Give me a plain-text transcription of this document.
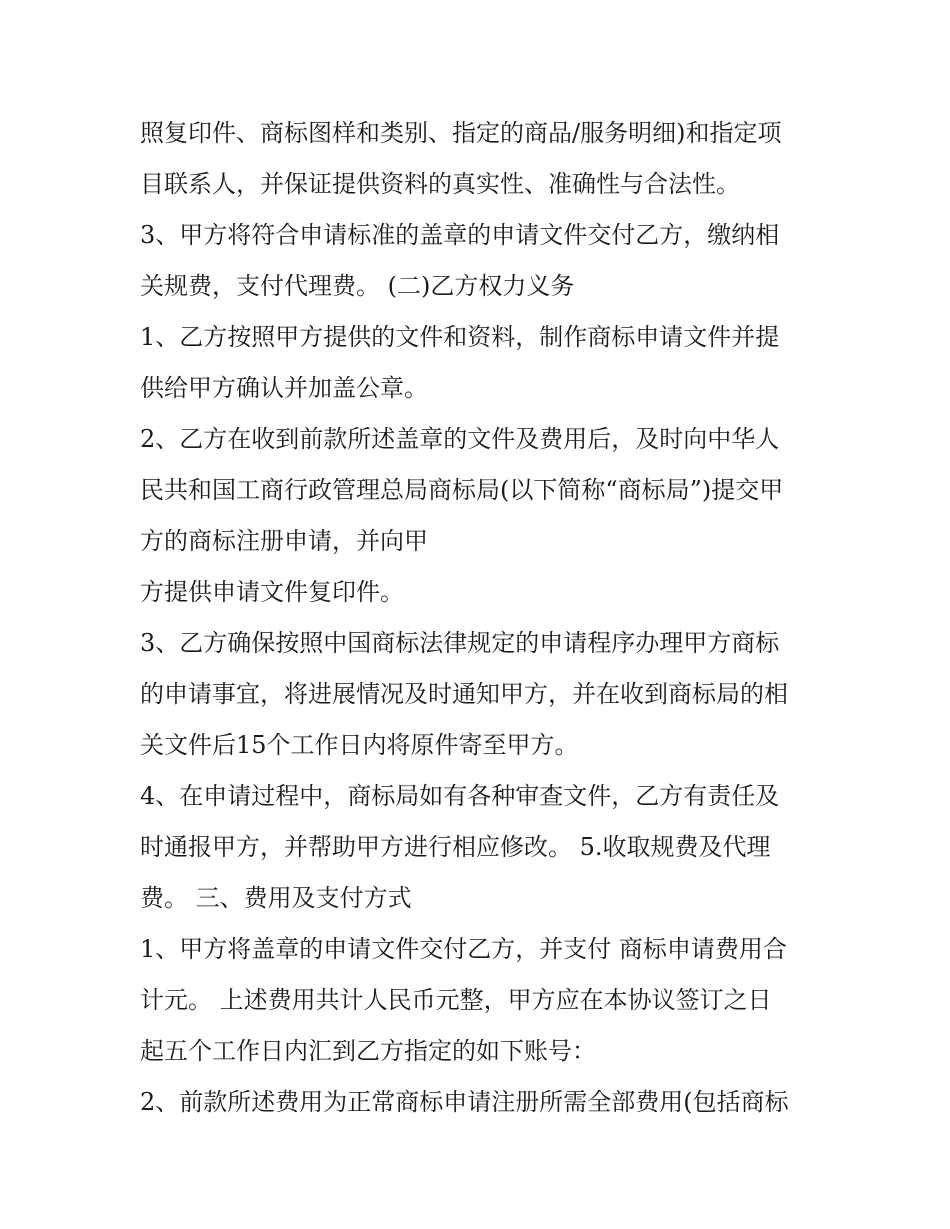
照复印件、商标图样和类别、指定的商品/服务明细)和指定项
目联系人，并保证提供资料的真实性、准确性与合法性。
3、甲方将符合申请标准的盖章的申请文件交付乙方，缴纳相
关规费，支付代理费。 (二)乙方权力义务
1、乙方按照甲方提供的文件和资料，制作商标申请文件并提
供给甲方确认并加盖公章。
2、乙方在收到前款所述盖章的文件及费用后，及时向中华人
民共和国工商行政管理总局商标局(以下简称“商标局”)提交甲
方的商标注册申请，并向甲
方提供申请文件复印件。
3、乙方确保按照中国商标法律规定的申请程序办理甲方商标
的申请事宜，将进展情况及时通知甲方，并在收到商标局的相
关文件后15个工作日内将原件寄至甲方。
4、在申请过程中，商标局如有各种审查文件，乙方有责任及
时通报甲方，并帮助甲方进行相应修改。 5.收取规费及代理
费。 三、费用及支付方式
1、甲方将盖章的申请文件交付乙方，并支付 商标申请费用合
计元。 上述费用共计人民币元整，甲方应在本协议签订之日
起五个工作日内汇到乙方指定的如下账号：
2、前款所述费用为正常商标申请注册所需全部费用(包括商标
